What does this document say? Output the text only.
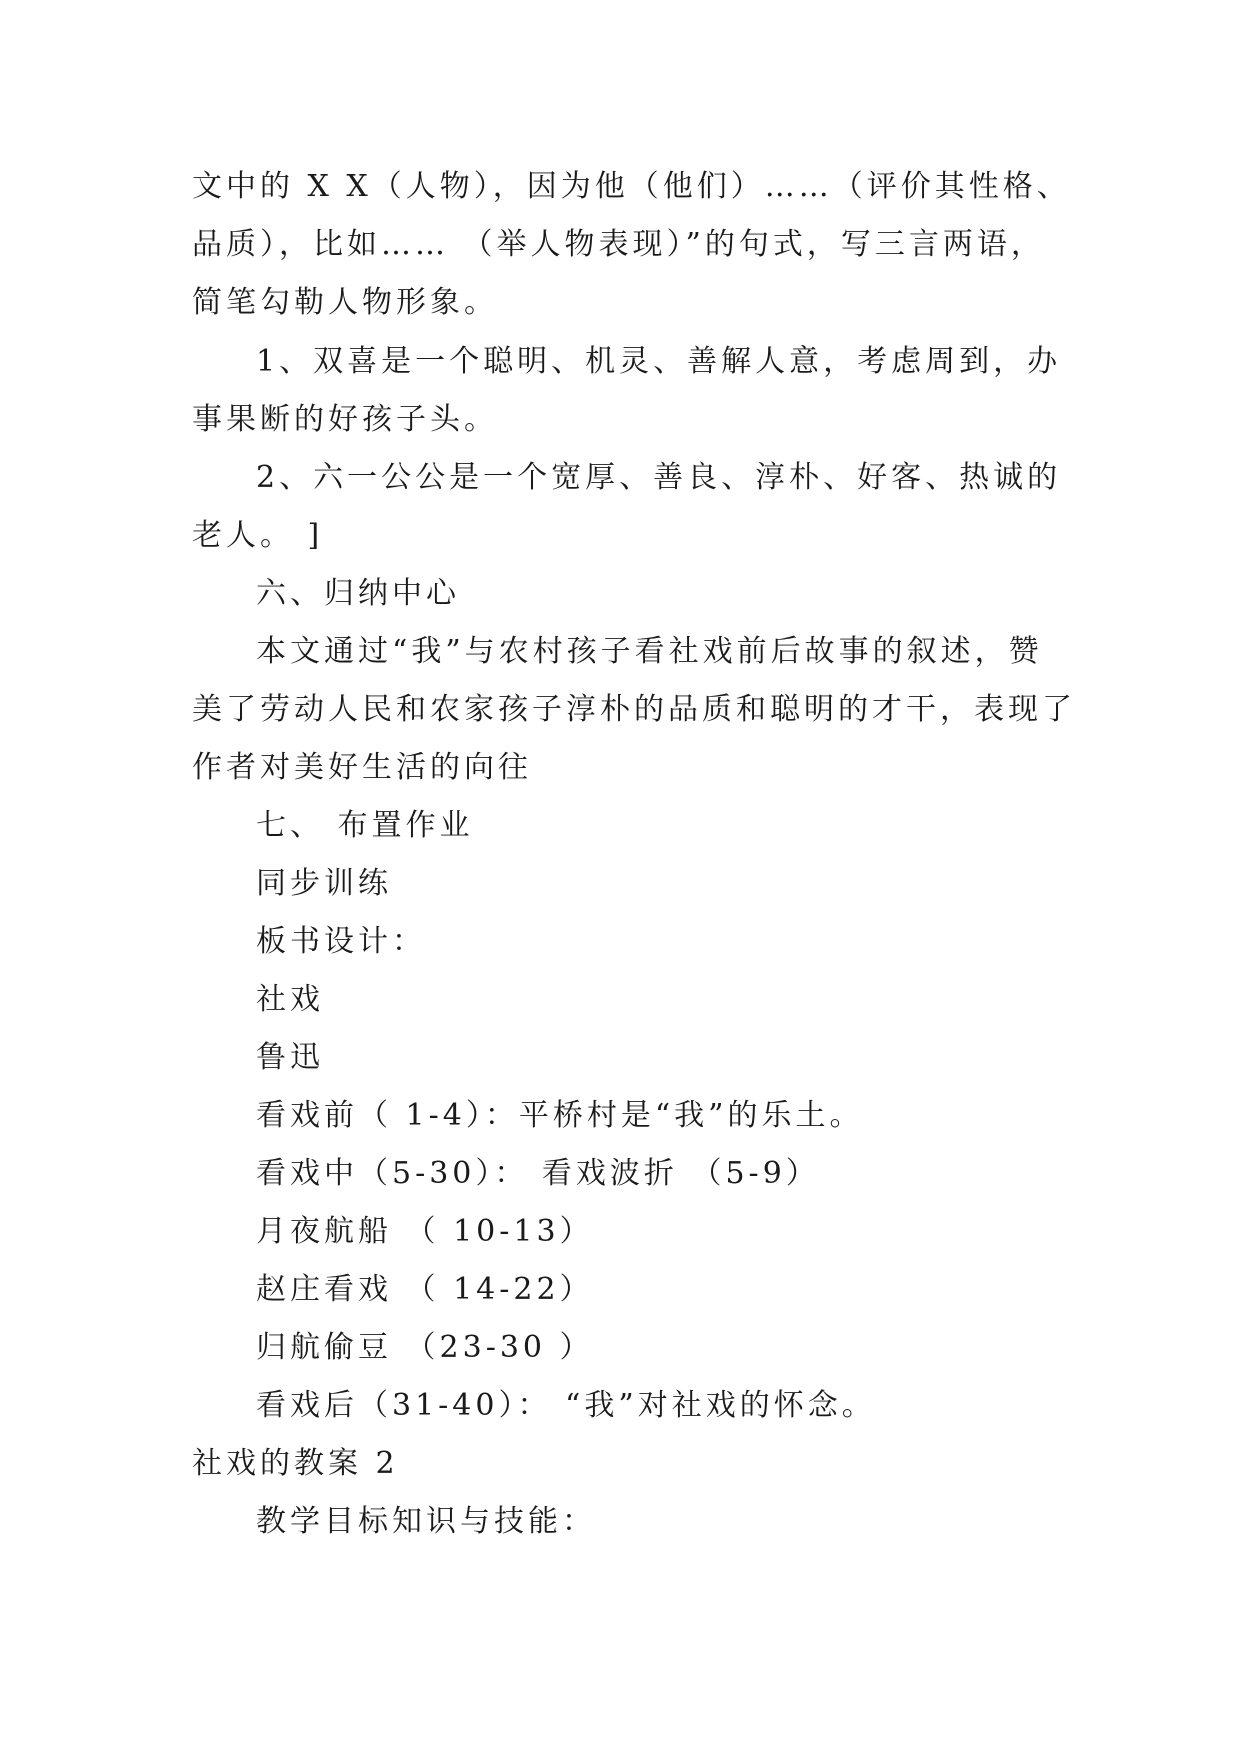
文中的 X X（人物），因为他（他们）……（评价其性格、
品质），比如…… （举人物表现）”的句式，写三言两语，
简笔勾勒人物形象。
1、双喜是一个聪明、机灵、善解人意，考虑周到，办
事果断的好孩子头。
2、六一公公是一个宽厚、善良、淳朴、好客、热诚的
老人。 ]
六、归纳中心
本文通过“我”与农村孩子看社戏前后故事的叙述，赞
美了劳动人民和农家孩子淳朴的品质和聪明的才干，表现了
作者对美好生活的向往
七、 布置作业
同步训练
板书设计：
社戏
鲁迅
看戏前（ 1-4）：平桥村是“我”的乐土。
看戏中（5-30）： 看戏波折 （5-9）
月夜航船 （ 10-13）
赵庄看戏 （ 14-22）
归航偷豆 （23-30 ）
看戏后（31-40）： “我”对社戏的怀念。
社戏的教案 2
教学目标知识与技能：
